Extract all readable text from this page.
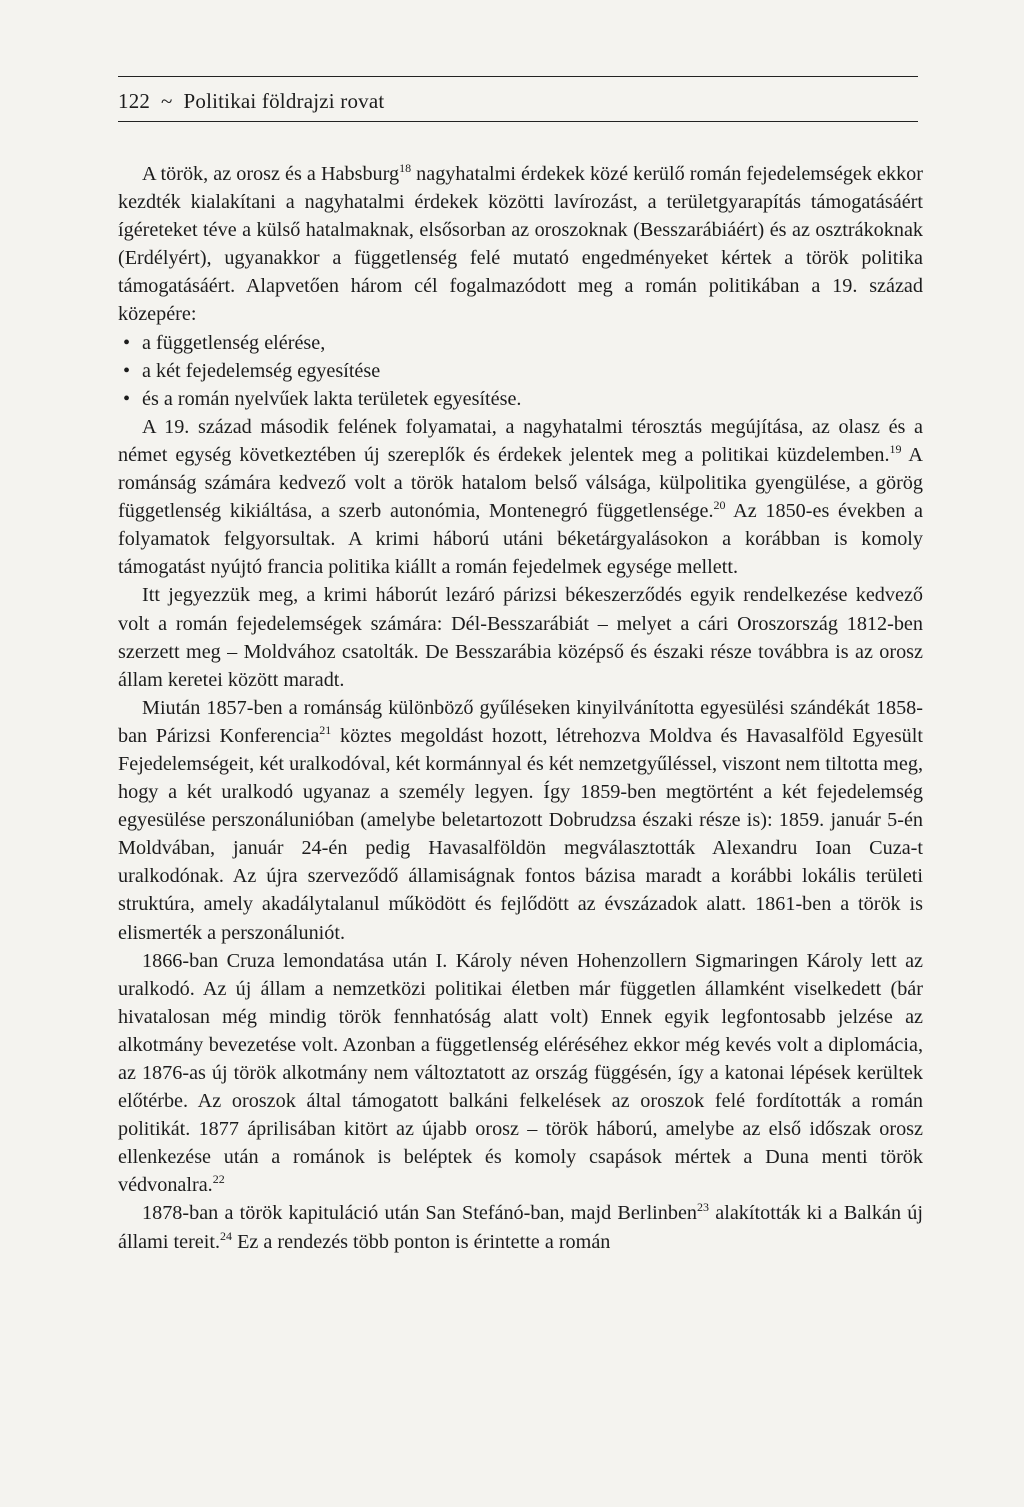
122 ~ Politikai földrajzi rovat

A török, az orosz és a Habsburg$^{18}$ nagyhatalmi érdekek közé kerülő román fejedelemségek ekkor kezdték kialakítani a nagyhatalmi érdekek közötti lavírozást, a területgyarapítás támogatásáért ígéreteket téve a külső hatalmaknak, elsősorban az oroszoknak (Besszarábiáért) és az osztrákoknak (Erdélyért), ugyanakkor a függetlenség felé mutató engedményeket kértek a török politika támogatásáért. Alapvetően három cél fogalmazódott meg a román politikában a 19. század közepére:

• a függetlenség elérése,
• a két fejedelemség egyesítése
• és a román nyelvűek lakta területek egyesítése.

A 19. század második felének folyamatai, a nagyhatalmi térosztás megújítása, az olasz és a német egység következtében új szereplők és érdekek jelentek meg a politikai küzdelemben.$^{19}$ A románság számára kedvező volt a török hatalom belső válsága, külpolitika gyengülése, a görög függetlenség kikiáltása, a szerb autonómia, Montenegró függetlensége.$^{20}$ Az 1850-es években a folyamatok felgyorsultak. A krimi háború utáni béketárgyalásokon a korábban is komoly támogatást nyújtó francia politika kiállt a román fejedelmek egysége mellett.

Itt jegyezzük meg, a krimi háborút lezáró párizsi békeszerződés egyik rendelkezése kedvező volt a román fejedelemségek számára: Dél-Besszarábiát – melyet a cári Oroszország 1812-ben szerzett meg – Moldvához csatolták. De Besszarábia középső és északi része továbbra is az orosz állam keretei között maradt.

Miután 1857-ben a románság különböző gyűléseken kinyilvánította egyesülési szándékát 1858-ban Párizsi Konferencia$^{21}$ köztes megoldást hozott, létrehozva Moldva és Havasalföld Egyesült Fejedelemségeit, két uralkodóval, két kormánnyal és két nemzetgyűléssel, viszont nem tiltotta meg, hogy a két uralkodó ugyanaz a személy legyen. Így 1859-ben megtörtént a két fejedelemség egyesülése perszonálunióban (amelybe beletartozott Dobrudzsa északi része is): 1859. január 5-én Moldvában, január 24-én pedig Havasalföldön megválasztották Alexandru Ioan Cuza-t uralkodónak. Az újra szerveződő államiságnak fontos bázisa maradt a korábbi lokális területi struktúra, amely akadálytalanul működött és fejlődött az évszázadok alatt. 1861-ben a török is elismerték a perszonáluniót.

1866-ban Cruza lemondatása után I. Károly néven Hohenzollern Sigmaringen Károly lett az uralkodó. Az új állam a nemzetközi politikai életben már független államként viselkedett (bár hivatalosan még mindig török fennhatóság alatt volt) Ennek egyik legfontosabb jelzése az alkotmány bevezetése volt. Azonban a függetlenség eléréséhez ekkor még kevés volt a diplomácia, az 1876-as új török alkotmány nem változtatott az ország függésén, így a katonai lépések kerültek előtérbe. Az oroszok által támogatott balkáni felkelések az oroszok felé fordították a román politikát. 1877 áprilisában kitört az újabb orosz – török háború, amelybe az első időszak orosz ellenkezése után a románok is beléptek és komoly csapások mértek a Duna menti török védvonalra.$^{22}$

1878-ban a török kapituláció után San Stefánó-ban, majd Berlinben$^{23}$ alakították ki a Balkán új állami tereit.$^{24}$ Ez a rendezés több ponton is érintette a román
